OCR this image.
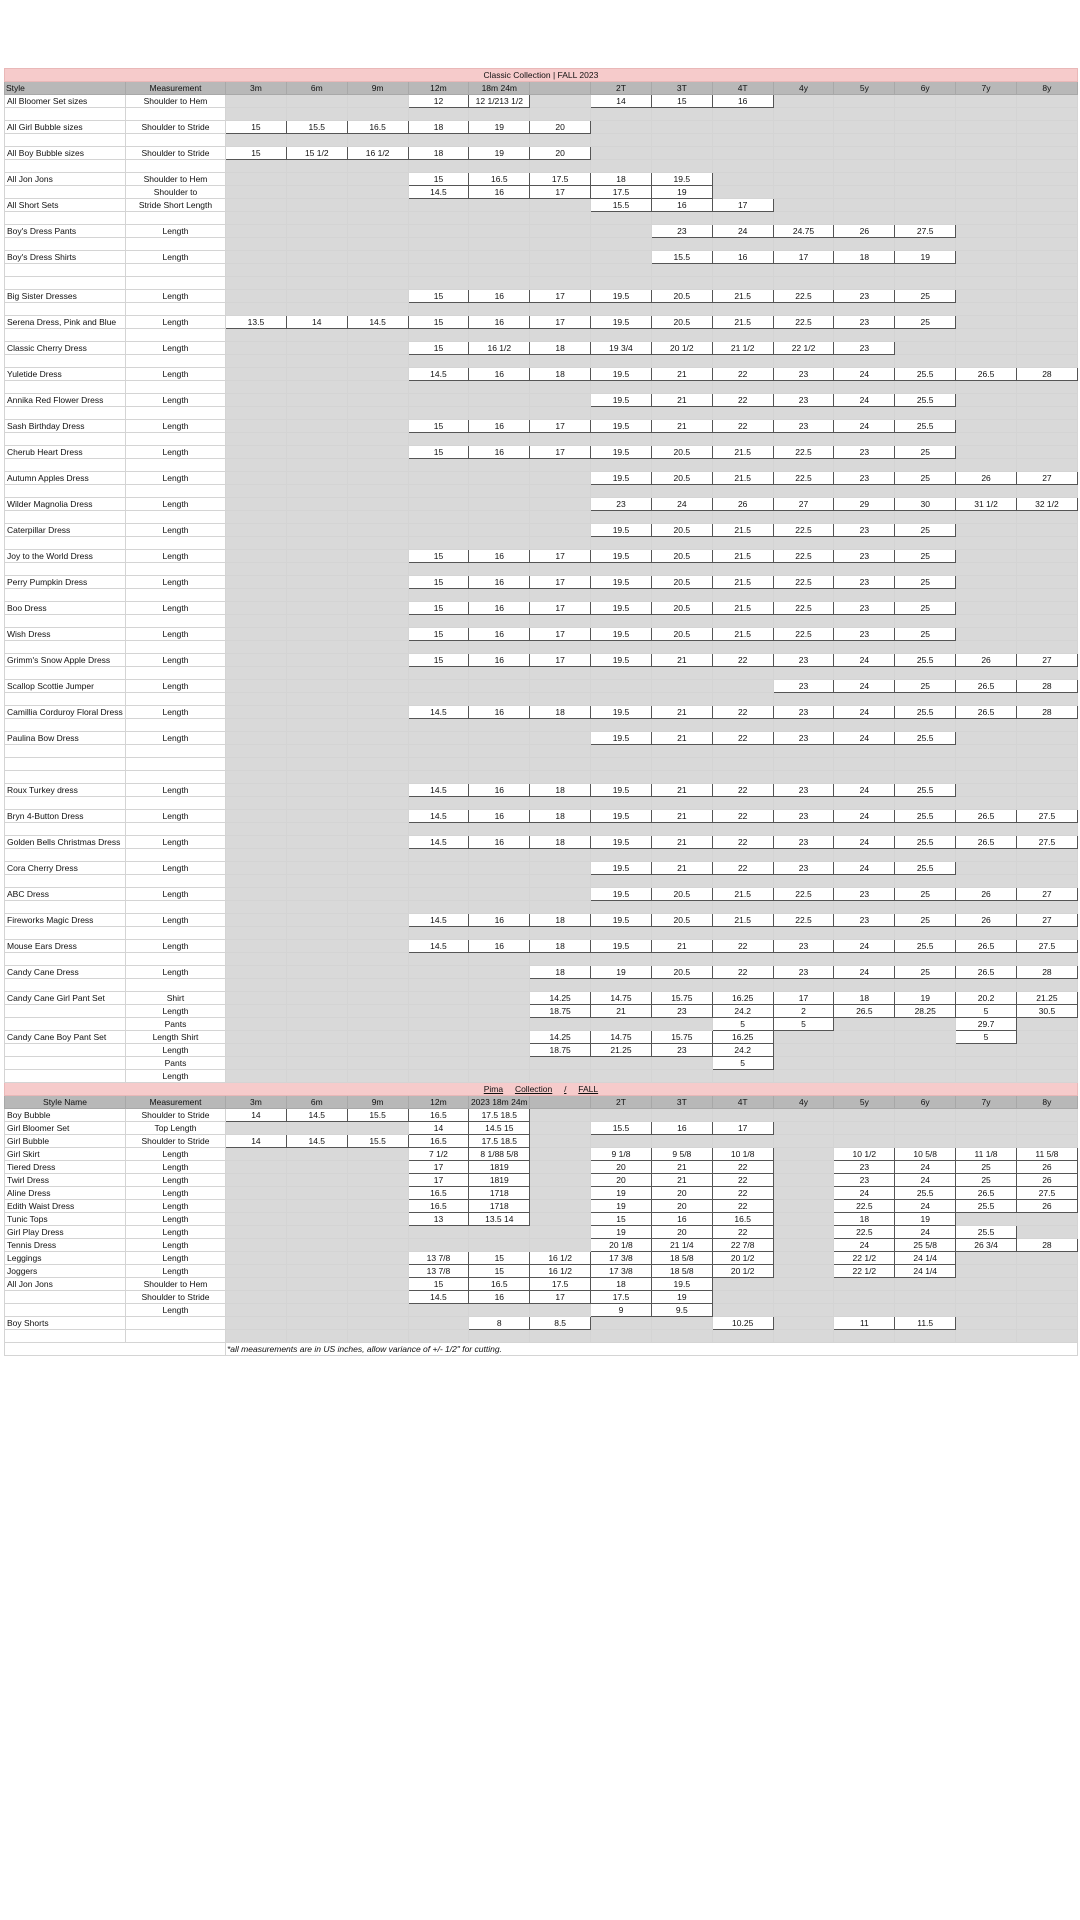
Classic Collection | FALL 2023															
Style	Measurement	3m	6m	9m	12m	18m 24m		2T	3T	4T	4y	5y	6y	7y	8y
All Bloomer Set sizes	Shoulder to Hem				12	12 1/213 1/2		14	15	16					

All Girl Bubble sizes	Shoulder to Stride	15	15.5	16.5	18	19	20								

All Boy Bubble sizes	Shoulder to Stride	15	15 1/2	16 1/2	18	19	20								

All Jon Jons	Shoulder to Hem				15	16.5	17.5	18	19.5						
	Shoulder to				14.5	16	17	17.5	19						
All Short Sets	Stride Short Length							15.5	16	17					

Boy's Dress Pants	Length								23	24	24.75	26	27.5		

Boy's Dress Shirts	Length								15.5	16	17	18	19		

Big Sister Dresses	Length				15	16	17	19.5	20.5	21.5	22.5	23	25		

Serena Dress, Pink and Blue	Length	13.5	14	14.5	15	16	17	19.5	20.5	21.5	22.5	23	25		

Classic Cherry Dress	Length				15	16 1/2	18	19 3/4	20 1/2	21 1/2	22 1/2	23			

Yuletide Dress	Length				14.5	16	18	19.5	21	22	23	24	25.5	26.5	28

Annika Red Flower Dress	Length							19.5	21	22	23	24	25.5		

Sash Birthday Dress	Length				15	16	17	19.5	21	22	23	24	25.5		

Cherub Heart Dress	Length				15	16	17	19.5	20.5	21.5	22.5	23	25		

Autumn Apples Dress	Length							19.5	20.5	21.5	22.5	23	25	26	27

Wilder Magnolia Dress	Length							23	24	26	27	29	30	31 1/2	32 1/2

Caterpillar Dress	Length							19.5	20.5	21.5	22.5	23	25		

Joy to the World Dress	Length				15	16	17	19.5	20.5	21.5	22.5	23	25		

Perry Pumpkin Dress	Length				15	16	17	19.5	20.5	21.5	22.5	23	25		

Boo Dress	Length				15	16	17	19.5	20.5	21.5	22.5	23	25		

Wish Dress	Length				15	16	17	19.5	20.5	21.5	22.5	23	25		

Grimm's Snow Apple Dress	Length				15	16	17	19.5	21	22	23	24	25.5	26	27

Scallop Scottie Jumper	Length										23	24	25	26.5	28

Camillia Corduroy Floral Dress	Length				14.5	16	18	19.5	21	22	23	24	25.5	26.5	28

Paulina Bow Dress	Length							19.5	21	22	23	24	25.5		

Roux Turkey dress	Length				14.5	16	18	19.5	21	22	23	24	25.5		

Bryn 4-Button Dress	Length				14.5	16	18	19.5	21	22	23	24	25.5	26.5	27.5

Golden Bells Christmas Dress	Length				14.5	16	18	19.5	21	22	23	24	25.5	26.5	27.5

Cora Cherry Dress	Length							19.5	21	22	23	24	25.5		

ABC Dress	Length							19.5	20.5	21.5	22.5	23	25	26	27

Fireworks Magic Dress	Length				14.5	16	18	19.5	20.5	21.5	22.5	23	25	26	27

Mouse Ears Dress	Length				14.5	16	18	19.5	21	22	23	24	25.5	26.5	27.5

Candy Cane Dress	Length						18	19	20.5	22	23	24	25	26.5	28

Candy Cane Girl Pant Set	Shirt						14.25	14.75	15.75	16.25	17	18	19	20.2	21.25
	Length						18.75	21	23	24.2	2	26.5	28.25	5	30.5
	Pants									5	5			29.7	
Candy Cane Boy Pant Set	Length Shirt						14.25	14.75	15.75	16.25				5	
	Length						18.75	21.25	23	24.2					
	Pants									5					
	Length														
Pima Collection / FALL															
Style Name	Measurement	3m	6m	9m	12m	2023 18m 24m		2T	3T	4T	4y	5y	6y	7y	8y
Boy Bubble	Shoulder to Stride	14	14.5	15.5	16.5	17.5 18.5									
Girl Bloomer Set	Top Length				14	14.5 15		15.5	16	17					
Girl Bubble	Shoulder to Stride	14	14.5	15.5	16.5	17.5 18.5									
Girl Skirt	Length				7 1/2	8 1/88 5/8		9 1/8	9 5/8	10 1/8		10 1/2	10 5/8	11 1/8	11 5/8
Tiered Dress	Length				17	1819		20	21	22		23	24	25	26
Twirl Dress	Length				17	1819		20	21	22		23	24	25	26
Aline Dress	Length				16.5	1718		19	20	22		24	25.5	26.5	27.5
Edith Waist Dress	Length				16.5	1718		19	20	22		22.5	24	25.5	26
Tunic Tops	Length				13	13.5 14		15	16	16.5		18	19		
Girl Play Dress	Length							19	20	22		22.5	24	25.5	
Tennis Dress	Length							20 1/8	21 1/4	22 7/8		24	25 5/8	26 3/4	28
Leggings	Length				13 7/8	15	16 1/2	17 3/8	18 5/8	20 1/2		22 1/2	24 1/4		
Joggers	Length				13 7/8	15	16 1/2	17 3/8	18 5/8	20 1/2		22 1/2	24 1/4		
All Jon Jons	Shoulder to Hem				15	16.5	17.5	18	19.5						
	Shoulder to Stride				14.5	16	17	17.5	19						
	Length							9	9.5						
Boy Shorts						8	8.5			10.25		11	11.5		

		*all measurements are in US inches, allow variance of +/- 1/2" for cutting.													
